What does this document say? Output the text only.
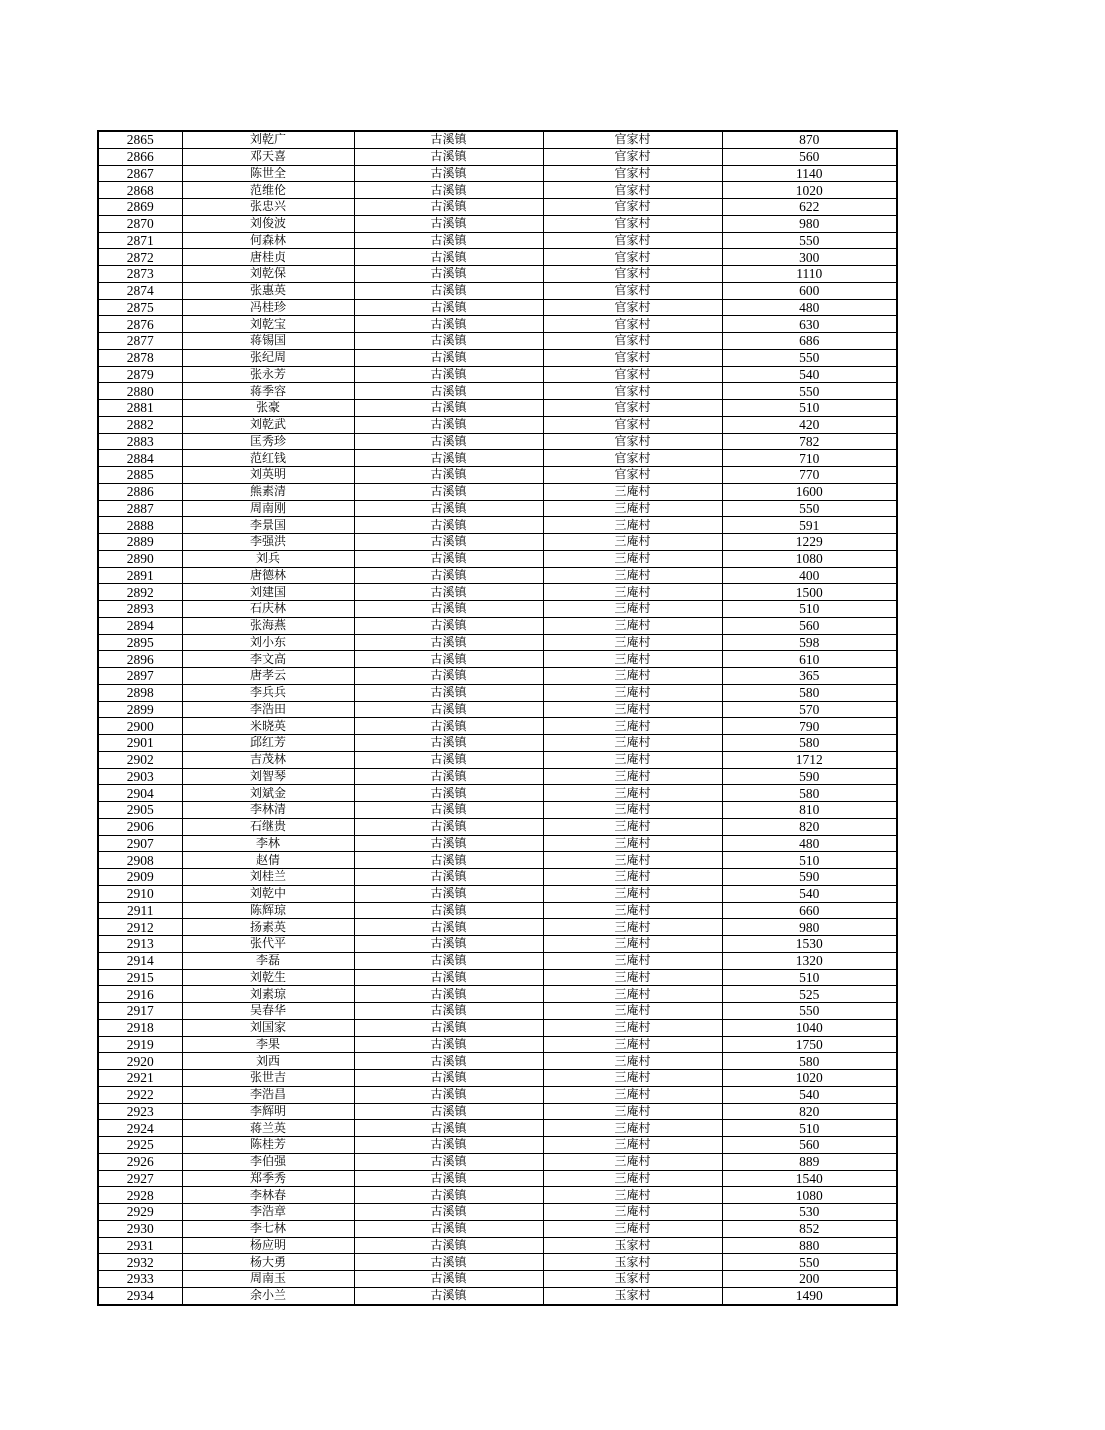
2865	刘乾广	古溪镇	官家村	870
2866	邓天喜	古溪镇	官家村	560
2867	陈世全	古溪镇	官家村	1140
2868	范维伦	古溪镇	官家村	1020
2869	张忠兴	古溪镇	官家村	622
2870	刘俊波	古溪镇	官家村	980
2871	何森林	古溪镇	官家村	550
2872	唐桂贞	古溪镇	官家村	300
2873	刘乾保	古溪镇	官家村	1110
2874	张惠英	古溪镇	官家村	600
2875	冯桂珍	古溪镇	官家村	480
2876	刘乾宝	古溪镇	官家村	630
2877	蒋锡国	古溪镇	官家村	686
2878	张纪周	古溪镇	官家村	550
2879	张永芳	古溪镇	官家村	540
2880	蒋季容	古溪镇	官家村	550
2881	张豪	古溪镇	官家村	510
2882	刘乾武	古溪镇	官家村	420
2883	匡秀珍	古溪镇	官家村	782
2884	范红钱	古溪镇	官家村	710
2885	刘英明	古溪镇	官家村	770
2886	熊素清	古溪镇	三庵村	1600
2887	周南刚	古溪镇	三庵村	550
2888	李景国	古溪镇	三庵村	591
2889	李强洪	古溪镇	三庵村	1229
2890	刘兵	古溪镇	三庵村	1080
2891	唐德林	古溪镇	三庵村	400
2892	刘建国	古溪镇	三庵村	1500
2893	石庆林	古溪镇	三庵村	510
2894	张海燕	古溪镇	三庵村	560
2895	刘小东	古溪镇	三庵村	598
2896	李文高	古溪镇	三庵村	610
2897	唐孝云	古溪镇	三庵村	365
2898	李兵兵	古溪镇	三庵村	580
2899	李浩田	古溪镇	三庵村	570
2900	米晓英	古溪镇	三庵村	790
2901	邱红芳	古溪镇	三庵村	580
2902	吉茂林	古溪镇	三庵村	1712
2903	刘智琴	古溪镇	三庵村	590
2904	刘斌金	古溪镇	三庵村	580
2905	李林清	古溪镇	三庵村	810
2906	石继贵	古溪镇	三庵村	820
2907	李林	古溪镇	三庵村	480
2908	赵倩	古溪镇	三庵村	510
2909	刘桂兰	古溪镇	三庵村	590
2910	刘乾中	古溪镇	三庵村	540
2911	陈辉琼	古溪镇	三庵村	660
2912	扬素英	古溪镇	三庵村	980
2913	张代平	古溪镇	三庵村	1530
2914	李磊	古溪镇	三庵村	1320
2915	刘乾生	古溪镇	三庵村	510
2916	刘素琼	古溪镇	三庵村	525
2917	吴春华	古溪镇	三庵村	550
2918	刘国家	古溪镇	三庵村	1040
2919	李果	古溪镇	三庵村	1750
2920	刘西	古溪镇	三庵村	580
2921	张世吉	古溪镇	三庵村	1020
2922	李浩昌	古溪镇	三庵村	540
2923	李辉明	古溪镇	三庵村	820
2924	蒋兰英	古溪镇	三庵村	510
2925	陈桂芳	古溪镇	三庵村	560
2926	李伯强	古溪镇	三庵村	889
2927	郑季秀	古溪镇	三庵村	1540
2928	李林春	古溪镇	三庵村	1080
2929	李浩章	古溪镇	三庵村	530
2930	李七林	古溪镇	三庵村	852
2931	杨应明	古溪镇	玉家村	880
2932	杨大勇	古溪镇	玉家村	550
2933	周南玉	古溪镇	玉家村	200
2934	余小兰	古溪镇	玉家村	1490
